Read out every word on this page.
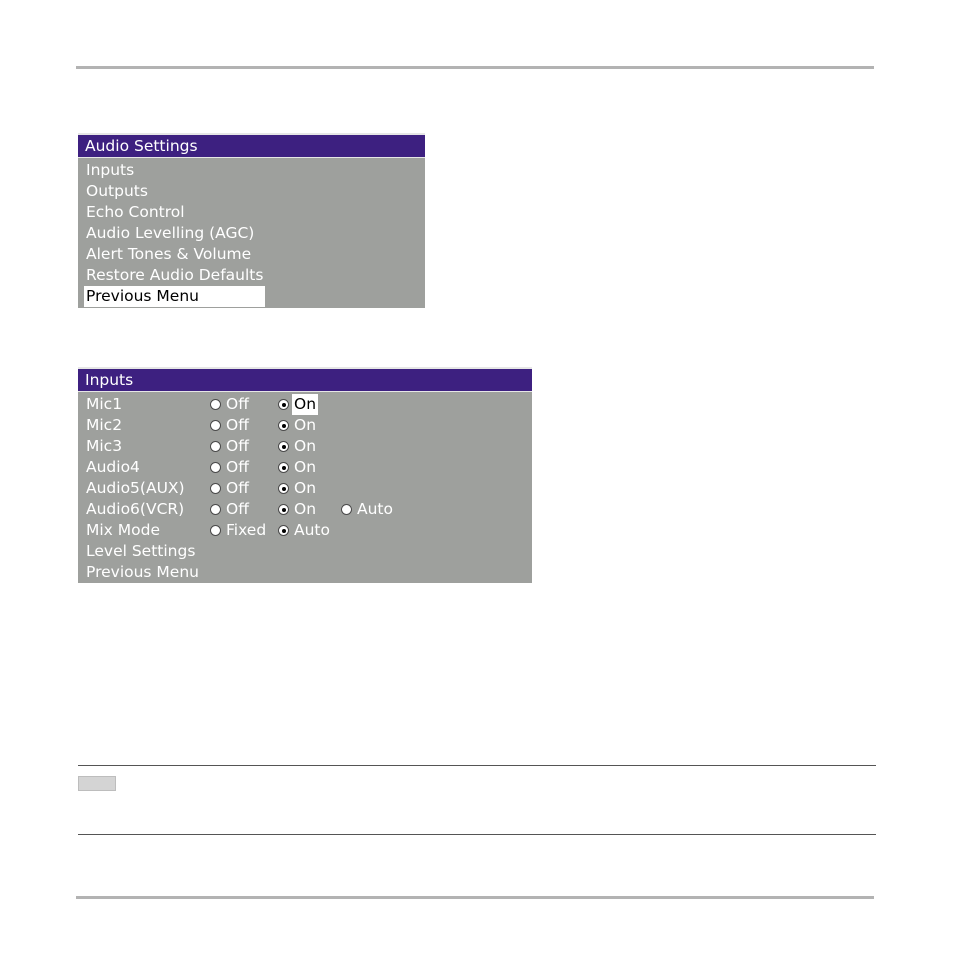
Audio Settings
Inputs
Outputs
Echo Control
Audio Levelling (AGC)
Alert Tones & Volume
Restore Audio Defaults
Previous Menu
Inputs
Mic1	Off	On
Mic2	Off	On
Mic3	Off	On
Audio4	Off	On
Audio5(AUX)	Off	On
Audio6(VCR)	Off	On	Auto
Mix Mode	Fixed Auto
Level Settings
Previous Menu
